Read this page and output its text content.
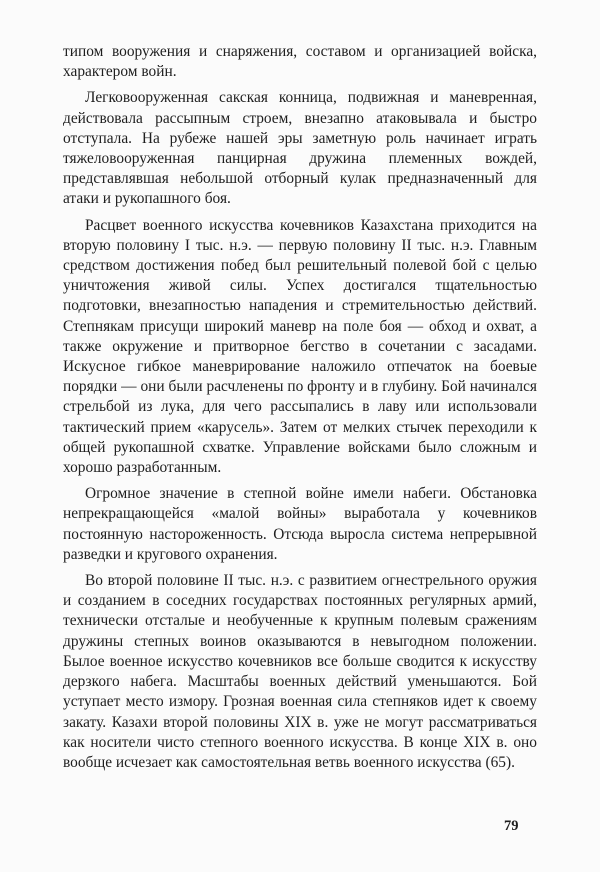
типом вооружения и снаряжения, составом и организацией войска, характером войн.

Легковооруженная сакская конница, подвижная и маневренная, действовала рассыпным строем, внезапно атаковывала и быстро отступала. На рубеже нашей эры заметную роль начинает играть тяжеловооруженная панцирная дружина племенных вождей, представлявшая небольшой отборный кулак предназначенный для атаки и рукопашного боя.

Расцвет военного искусства кочевников Казахстана приходится на вторую половину I тыс. н.э. — первую половину II тыс. н.э. Главным средством достижения побед был решительный полевой бой с целью уничтожения живой силы. Успех достигался тщательностью подготовки, внезапностью нападения и стремительностью действий. Степнякам присущи широкий маневр на поле боя — обход и охват, а также окружение и притворное бегство в сочетании с засадами. Искусное гибкое маневрирование наложило отпечаток на боевые порядки — они были расчленены по фронту и в глубину. Бой начинался стрельбой из лука, для чего рассыпались в лаву или использовали тактический прием «карусель». Затем от мелких стычек переходили к общей рукопашной схватке. Управление войсками было сложным и хорошо разработанным.

Огромное значение в степной войне имели набеги. Обстановка непрекращающейся «малой войны» выработала у кочевников постоянную настороженность. Отсюда выросла система непрерывной разведки и кругового охранения.

Во второй половине II тыс. н.э. с развитием огнестрельного оружия и созданием в соседних государствах постоянных регулярных армий, технически отсталые и необученные к крупным полевым сражениям дружины степных воинов оказываются в невыгодном положении. Былое военное искусство кочевников все больше сводится к искусству дерзкого набега. Масштабы военных действий уменьшаются. Бой уступает место измору. Грозная военная сила степняков идет к своему закату. Казахи второй половины XIX в. уже не могут рассматриваться как носители чисто степного военного искусства. В конце XIX в. оно вообще исчезает как самостоятельная ветвь военного искусства (65).

79
